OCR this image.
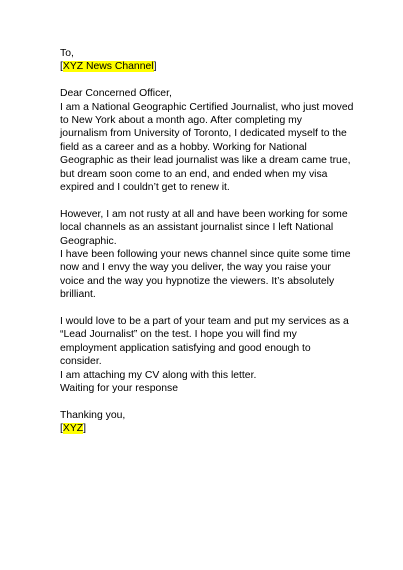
To,
[XYZ News Channel]
Dear Concerned Officer,
I am a National Geographic Certified Journalist, who just moved
to New York about a month ago. After completing my
journalism from University of Toronto, I dedicated myself to the
field as a career and as a hobby. Working for National
Geographic as their lead journalist was like a dream came true,
but dream soon come to an end, and ended when my visa
expired and I couldn’t get to renew it.
However, I am not rusty at all and have been working for some
local channels as an assistant journalist since I left National
Geographic.
I have been following your news channel since quite some time
now and I envy the way you deliver, the way you raise your
voice and the way you hypnotize the viewers. It’s absolutely
brilliant.
I would love to be a part of your team and put my services as a
“Lead Journalist” on the test. I hope you will find my
employment application satisfying and good enough to
consider.
I am attaching my CV along with this letter.
Waiting for your response
Thanking you,
[XYZ]
